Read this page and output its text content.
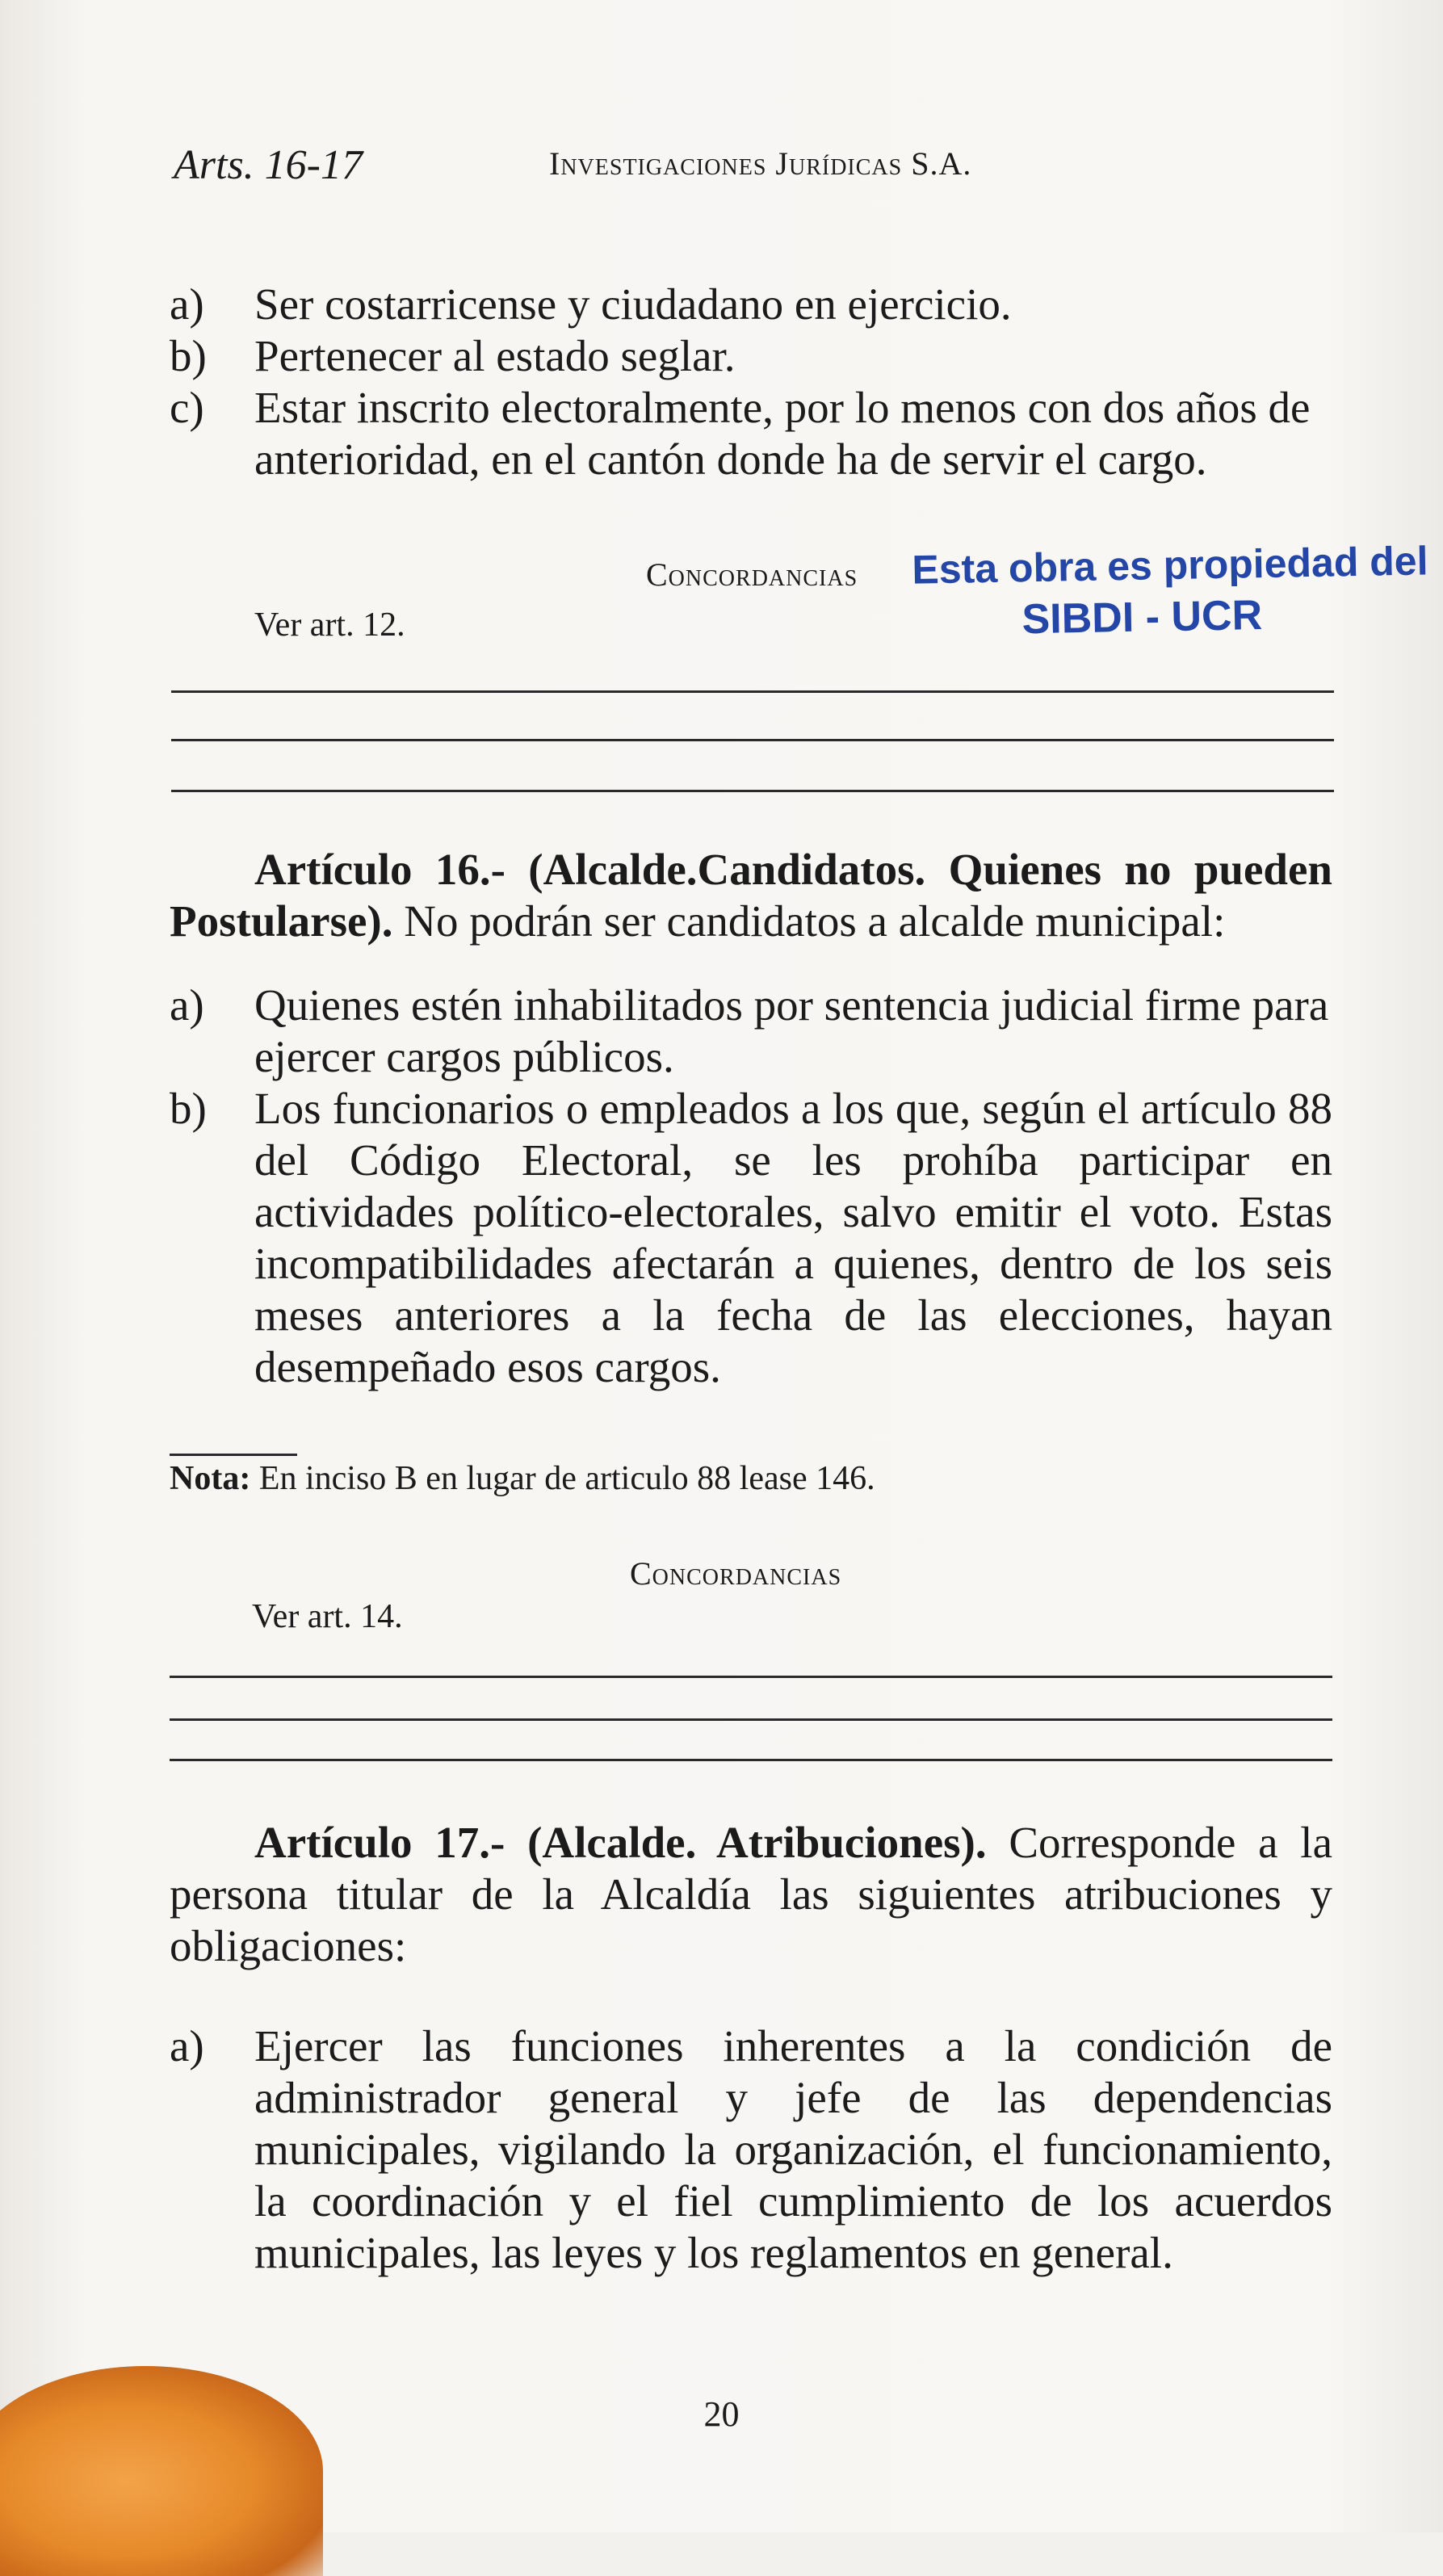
Arts. 16-17	Investigaciones Jurídicas S.A.
a) Ser costarricense y ciudadano en ejercicio.
b) Pertenecer al estado seglar.
c) Estar inscrito electoralmente, por lo menos con dos años de anterioridad, en el cantón donde ha de servir el cargo.
Concordancias
Ver art. 12.
Esta obra es propiedad del
SIBDI - UCR
Artículo 16.- (Alcalde.Candidatos. Quienes no pueden Postularse). No podrán ser candidatos a alcalde municipal:
a) Quienes estén inhabilitados por sentencia judicial firme para ejercer cargos públicos.
b) Los funcionarios o empleados a los que, según el artículo 88 del Código Electoral, se les prohíba participar en actividades político-electorales, salvo emitir el voto. Estas incompatibilidades afectarán a quienes, dentro de los seis meses anteriores a la fecha de las elecciones, hayan desempeñado esos cargos.
Nota: En inciso B en lugar de articulo 88 lease 146.
Concordancias
Ver art. 14.
Artículo 17.- (Alcalde. Atribuciones). Corresponde a la persona titular de la Alcaldía las siguientes atribuciones y obligaciones:
a) Ejercer las funciones inherentes a la condición de administrador general y jefe de las dependencias municipales, vigilando la organización, el funcionamiento, la coordinación y el fiel cumplimiento de los acuerdos municipales, las leyes y los reglamentos en general.
20
